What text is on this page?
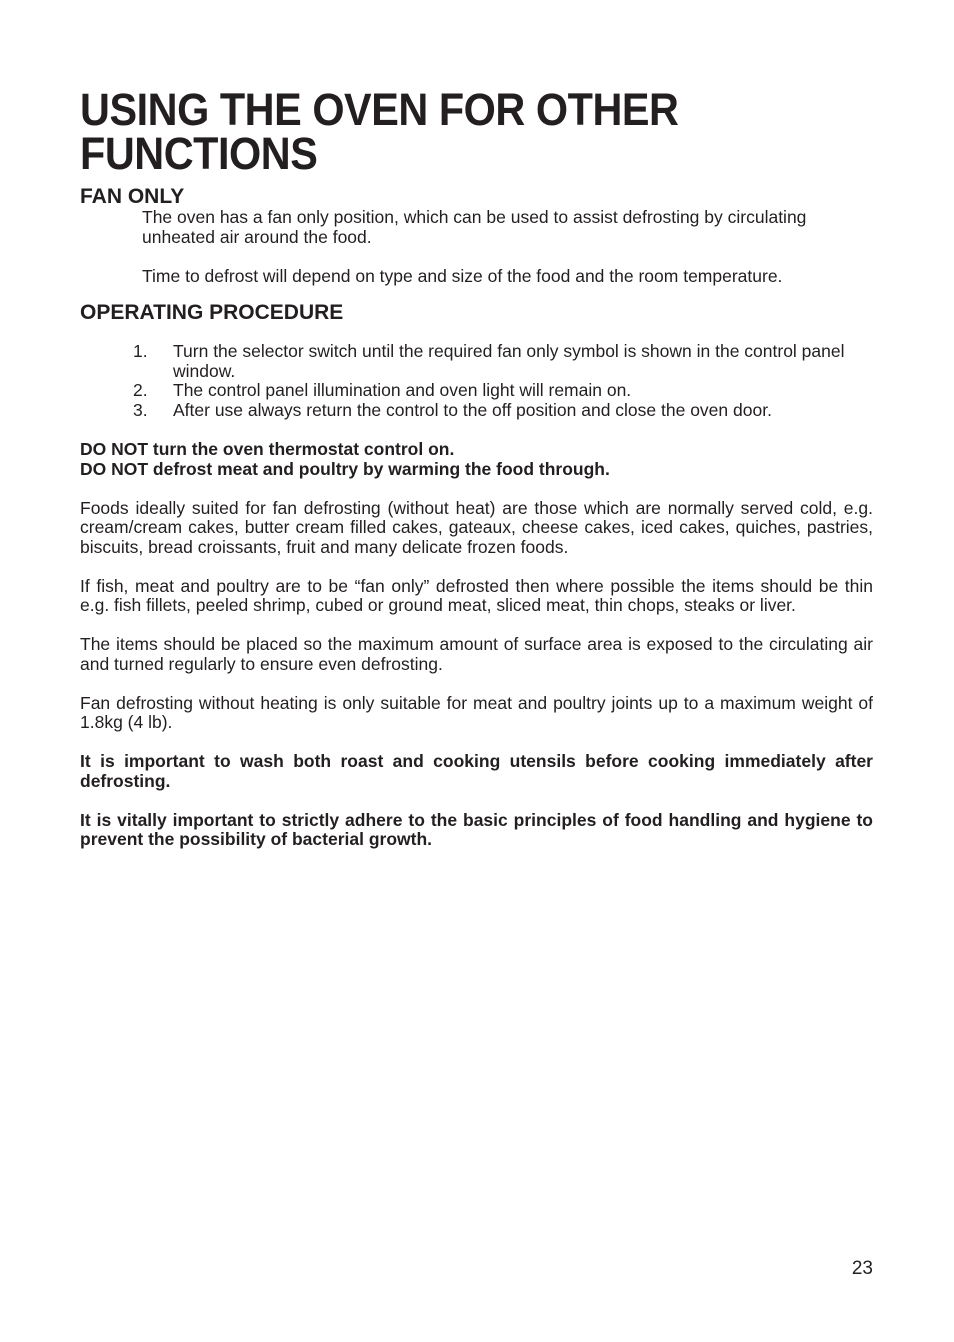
USING THE OVEN FOR OTHER
FUNCTIONS
FAN ONLY

The oven has a fan only position, which can be used to assist defrosting by circulating unheated air around the food.

Time to defrost will depend on type and size of the food and the room temperature.

OPERATING PROCEDURE
1.	Turn the selector switch until the required fan only symbol is shown in the control panel window.
2.	The control panel illumination and oven light will remain on.
3.	After use always return the control to the off position and close the oven door.

DO NOT turn the oven thermostat control on.

DO NOT defrost meat and poultry by warming the food through.

Foods ideally suited for fan defrosting (without heat) are those which are normally served cold, e.g. cream/cream cakes, butter cream filled cakes, gateaux, cheese cakes, iced cakes, quiches, pastries, biscuits, bread croissants, fruit and many delicate frozen foods.

If fish, meat and poultry are to be “fan only” defrosted then where possible the items should be thin e.g. fish fillets, peeled shrimp, cubed or ground meat, sliced meat, thin chops, steaks or liver.

The items should be placed so the maximum amount of surface area is exposed to the circulating air and turned regularly to ensure even defrosting.

Fan defrosting without heating is only suitable for meat and poultry joints up to a maximum weight of 1.8kg (4 lb).

It is important to wash both roast and cooking utensils before cooking immediately after defrosting.

It is vitally important to strictly adhere to the basic principles of food handling and hygiene to prevent the possibility of bacterial growth.

23
